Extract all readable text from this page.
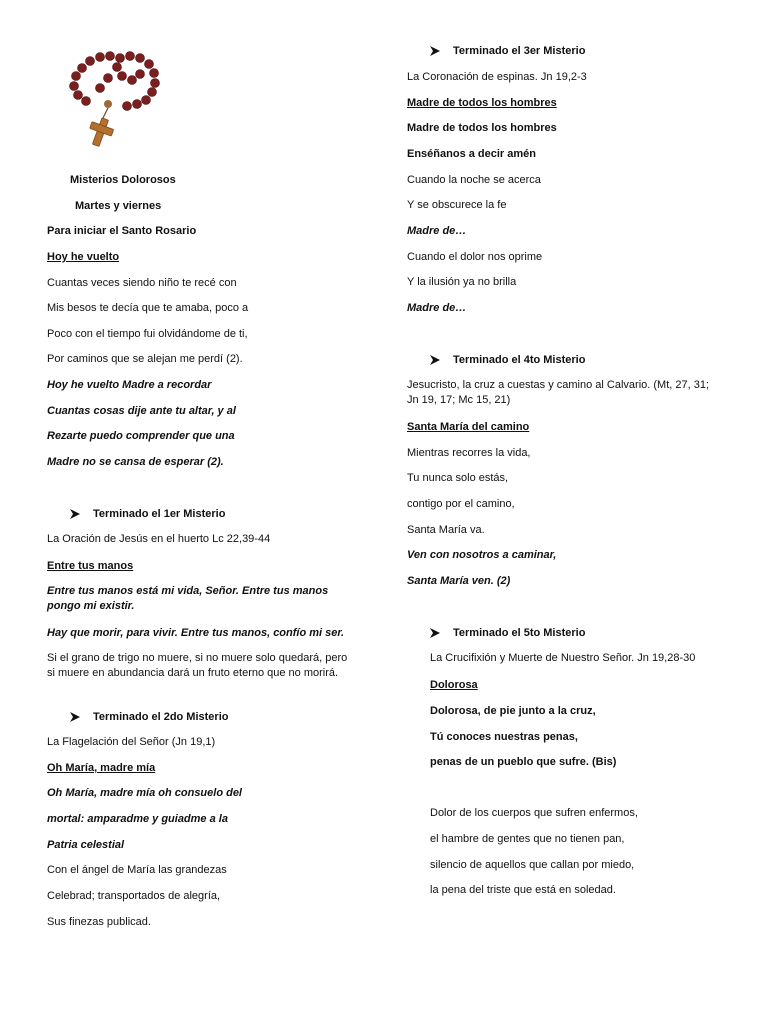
Misterios Dolorosos
Martes y viernes
Para iniciar el Santo Rosario
Hoy he vuelto
Cuantas veces siendo niño te recé con
Mis besos te decía que te amaba, poco a
Poco con el tiempo fui olvidándome de ti,
Por caminos que se alejan me perdí (2).
Hoy he vuelto Madre a recordar
Cuantas cosas dije ante tu altar, y al
Rezarte puedo comprender que una
Madre no se cansa de esperar (2).
Terminado el 1er Misterio
La Oración de Jesús en el huerto Lc 22,39-44
Entre tus manos
Entre tus manos está mi vida, Señor. Entre tus manos pongo mi existir.
Hay que morir, para vivir. Entre tus manos, confío mi ser.
Si el grano de trigo no muere, si no muere solo quedará, pero si muere en abundancia dará un fruto eterno que no morirá.
Terminado el 2do Misterio
La Flagelación del Señor (Jn 19,1)
Oh María, madre mía
Oh María, madre mía oh consuelo del
mortal: amparadme y guiadme a la
Patria celestial
Con el ángel de María las grandezas
Celebrad; transportados de alegría,
Sus finezas publicad.
Terminado el 3er Misterio
La Coronación de espinas. Jn 19,2-3
Madre de todos los hombres
Madre de todos los hombres
Enséñanos a decir amén
Cuando la noche se acerca
Y se obscurece la fe
Madre de…
Cuando el dolor nos oprime
Y la ilusión ya no brilla
Madre de…
Terminado el 4to Misterio
Jesucristo, la cruz a cuestas y camino al Calvario. (Mt, 27, 31; Jn 19, 17; Mc 15, 21)
Santa María del camino
Mientras recorres la vida,
Tu nunca solo estás,
contigo por el camino,
Santa María va.
Ven con nosotros a caminar,
Santa María ven. (2)
Terminado el 5to Misterio
La Crucifixión y Muerte de Nuestro Señor. Jn 19,28-30
Dolorosa
Dolorosa, de pie junto a la cruz,
Tú conoces nuestras penas,
penas de un pueblo que sufre. (Bis)
Dolor de los cuerpos que sufren enfermos,
el hambre de gentes que no tienen pan,
silencio de aquellos que callan por miedo,
la pena del triste que está en soledad.
